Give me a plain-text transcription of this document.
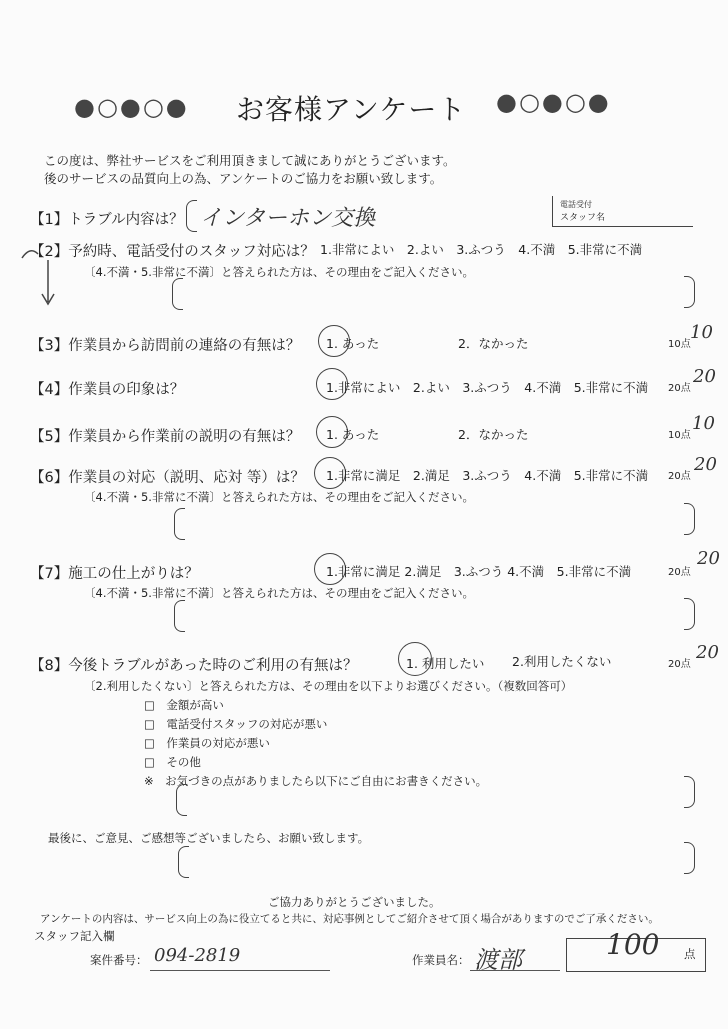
●○●○● お客様アンケート ●○●○●
この度は、弊社サービスをご利用頂きまして誠にありがとうございます。
後のサービスの品質向上の為、アンケートのご協力をお願い致します。
【1】トラブル内容は？ インターホン交換
電話受付
スタッフ名
【2】予約時、電話受付のスタッフ対応は？ 1.非常によい　2.よい　3.ふつう　4.不満　5.非常に不満
〔4.不満・5.非常に不満〕と答えられた方は、その理由をご記入ください。
【3】作業員から訪問前の連絡の有無は？ 1. あった	2．なかった	10点
10
【4】作業員の印象は？	1.非常によい　2.よい　3.ふつう　4.不満　5.非常に不満 20点
20
【5】作業員から作業前の説明の有無は？ 1. あった	2．なかった	10点
10
【6】作業員の対応（説明、応対 等）は？ 1.非常に満足　2.満足　3.ふつう　4.不満　5.非常に不満 20点
20
〔4.不満・5.非常に不満〕と答えられた方は、その理由をご記入ください。
【7】施工の仕上がりは？	1.非常に満足 2.満足　3.ふつう 4.不満　5.非常に不満	20点
20
〔4.不満・5.非常に不満〕と答えられた方は、その理由をご記入ください。
【8】今後トラブルがあった時のご利用の有無は？	1. 利用したい 2.利用したくない	20点
20
〔2.利用したくない〕と答えられた方は、その理由を以下よりお選びください。（複数回答可）
□　金額が高い
□　電話受付スタッフの対応が悪い
□　作業員の対応が悪い
□　その他
※　お気づきの点がありましたら以下にご自由にお書きください。
最後に、ご意見、ご感想等ございましたら、お願い致します。
ご協力ありがとうございました。
アンケートの内容は、サービス向上の為に役立てると共に、対応事例としてご紹介させて頂く場合がありますのでご了承ください。
スタッフ記入欄
案件番号： 094-2819	作業員名： 渡部	100 点
